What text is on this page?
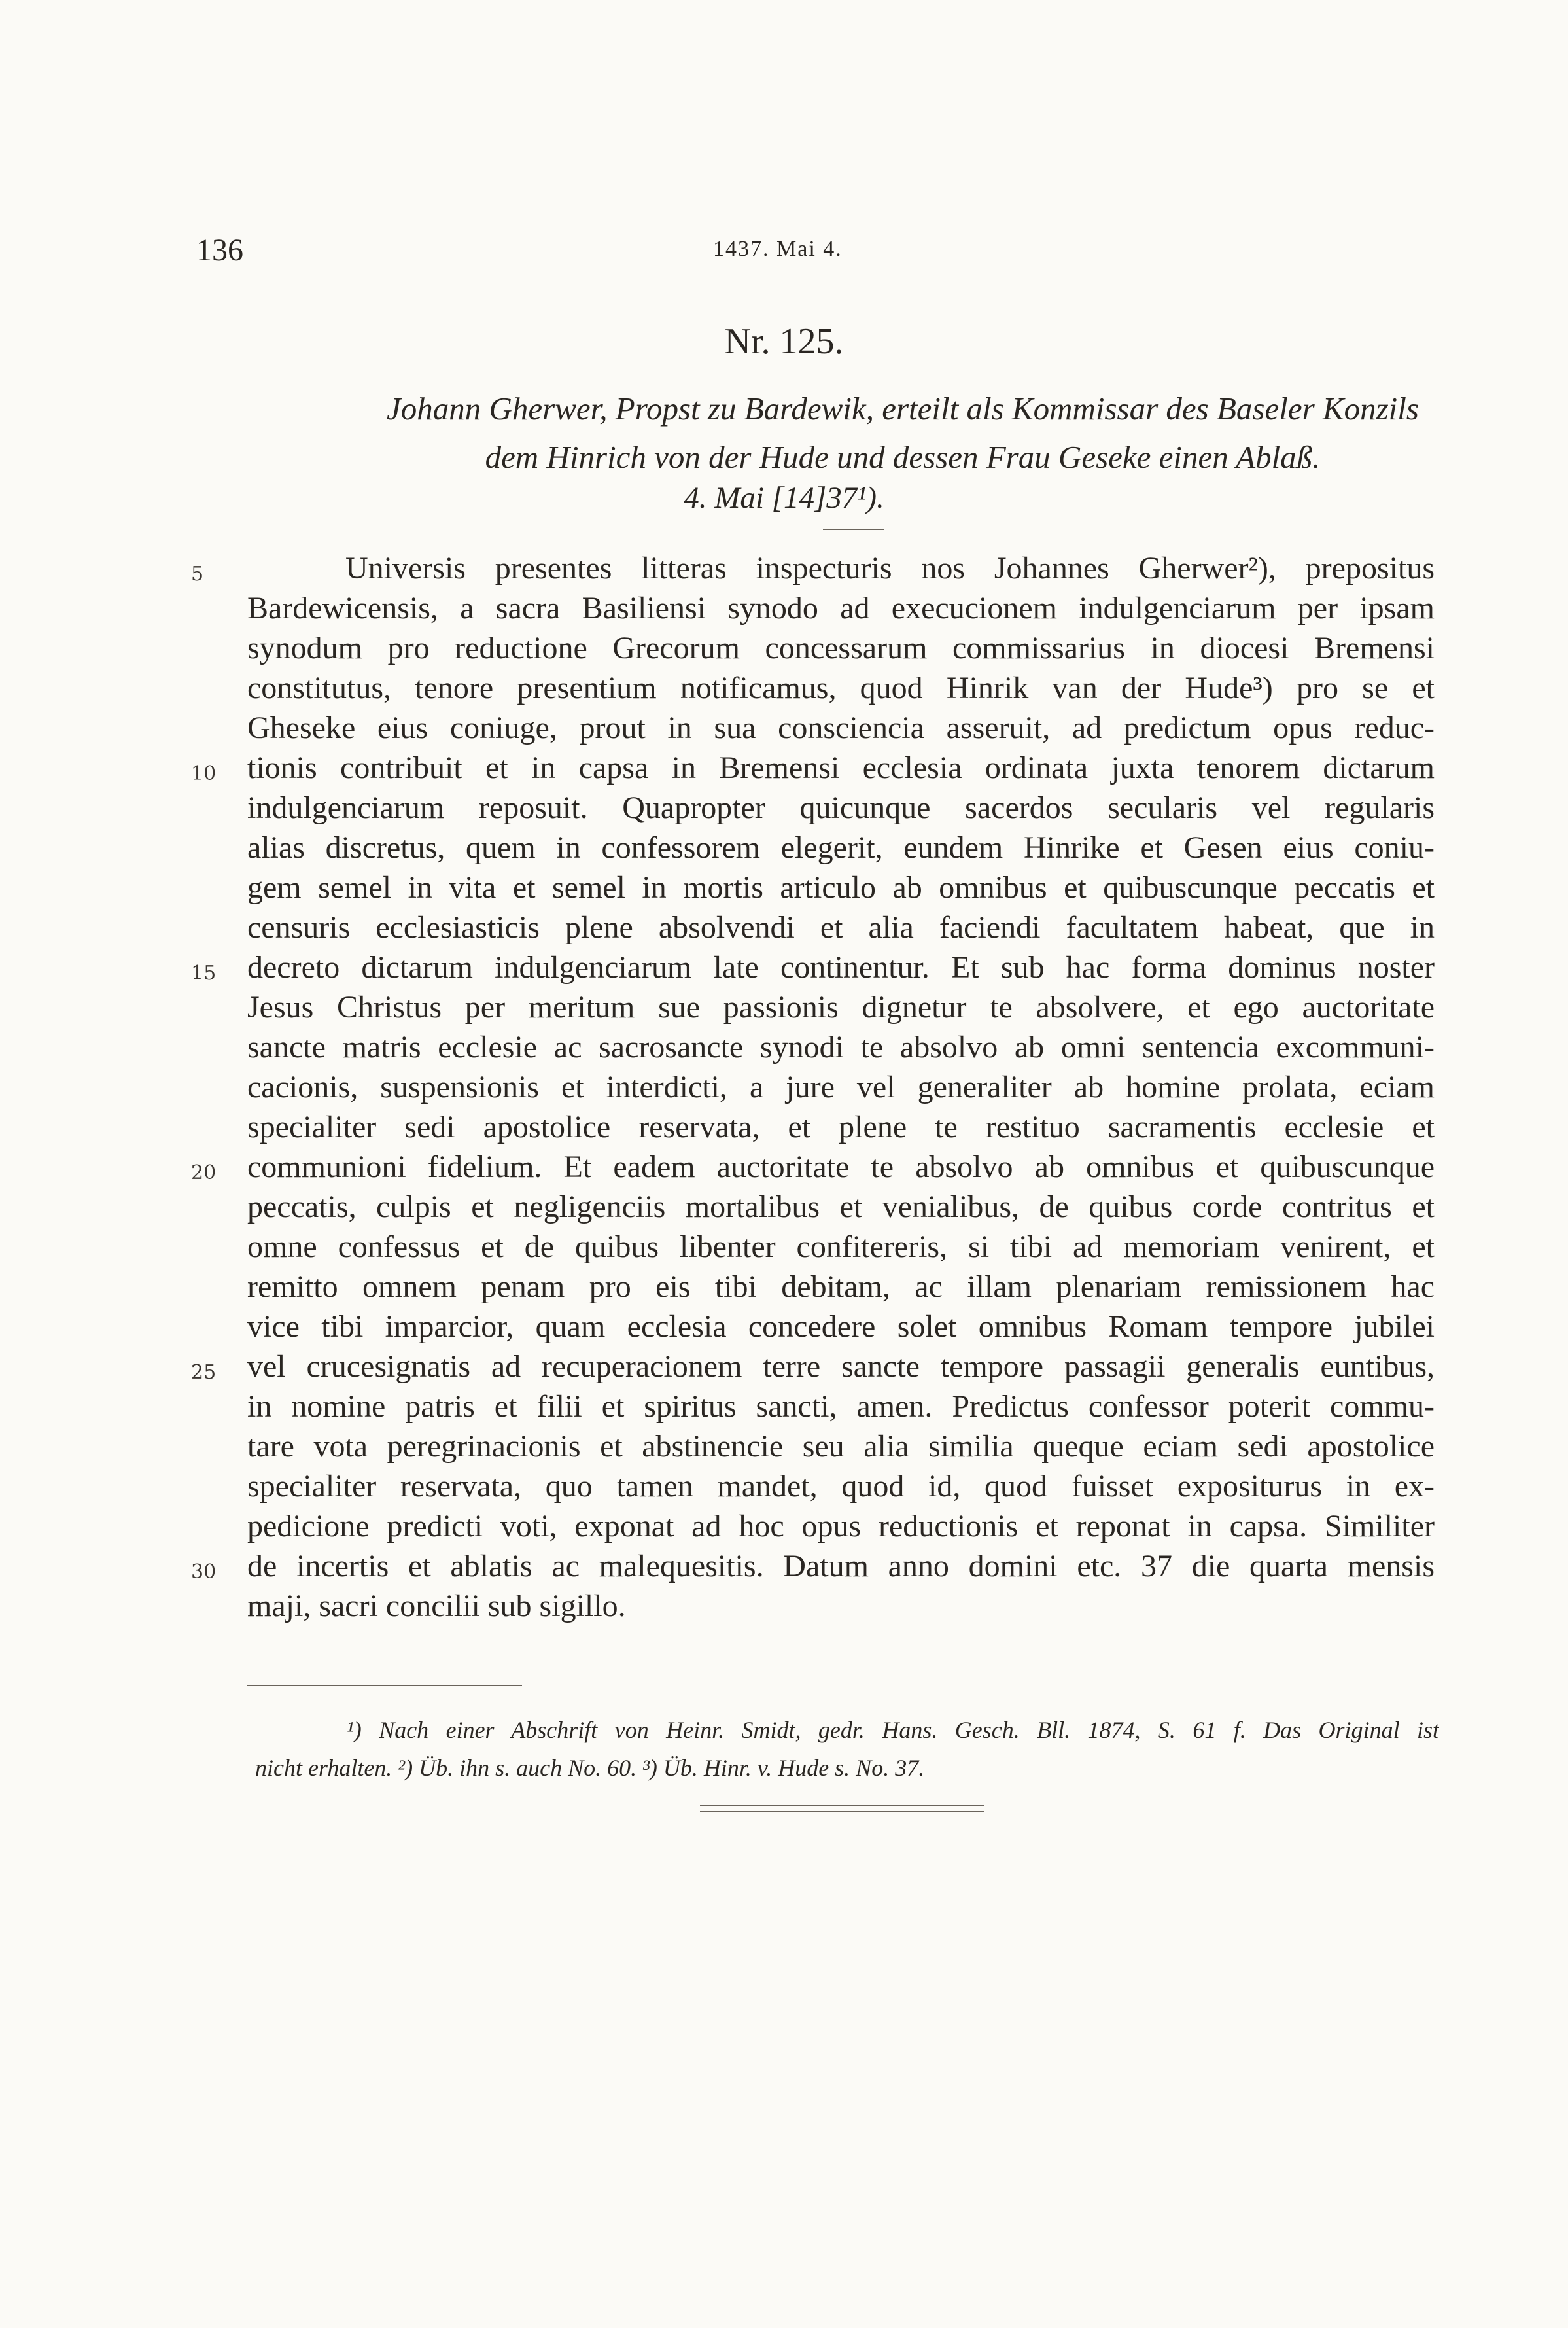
136	1437. Mai 4.
Nr. 125.
Johann Gherwer, Propst zu Bardewik, erteilt als Kommissar des Baseler Konzils
dem Hinrich von der Hude und dessen Frau Geseke einen Ablaß.
4. Mai [14]37¹).
5
10
15
20
25
30
Universis presentes litteras inspecturis nos Johannes Gherwer²), prepositus
Bardewicensis, a sacra Basiliensi synodo ad execucionem indulgenciarum per ipsam
synodum pro reductione Grecorum concessarum commissarius in diocesi Bremensi
constitutus, tenore presentium notificamus, quod Hinrik van der Hude³) pro se et
Gheseke eius coniuge, prout in sua consciencia asseruit, ad predictum opus reduc-
tionis contribuit et in capsa in Bremensi ecclesia ordinata juxta tenorem dictarum
indulgenciarum reposuit. Quapropter quicunque sacerdos secularis vel regularis
alias discretus, quem in confessorem elegerit, eundem Hinrike et Gesen eius coniu-
gem semel in vita et semel in mortis articulo ab omnibus et quibuscunque peccatis et
censuris ecclesiasticis plene absolvendi et alia faciendi facultatem habeat, que in
decreto dictarum indulgenciarum late continentur. Et sub hac forma dominus noster
Jesus Christus per meritum sue passionis dignetur te absolvere, et ego auctoritate
sancte matris ecclesie ac sacrosancte synodi te absolvo ab omni sentencia excommuni-
cacionis, suspensionis et interdicti, a jure vel generaliter ab homine prolata, eciam
specialiter sedi apostolice reservata, et plene te restituo sacramentis ecclesie et
communioni fidelium. Et eadem auctoritate te absolvo ab omnibus et quibuscunque
peccatis, culpis et negligenciis mortalibus et venialibus, de quibus corde contritus et
omne confessus et de quibus libenter confitereris, si tibi ad memoriam venirent, et
remitto omnem penam pro eis tibi debitam, ac illam plenariam remissionem hac
vice tibi imparcior, quam ecclesia concedere solet omnibus Romam tempore jubilei
vel crucesignatis ad recuperacionem terre sancte tempore passagii generalis euntibus,
in nomine patris et filii et spiritus sancti, amen. Predictus confessor poterit commu-
tare vota peregrinacionis et abstinencie seu alia similia queque eciam sedi apostolice
specialiter reservata, quo tamen mandet, quod id, quod fuisset expositurus in ex-
pedicione predicti voti, exponat ad hoc opus reductionis et reponat in capsa. Similiter
de incertis et ablatis ac malequesitis. Datum anno domini etc. 37 die quarta mensis
maji, sacri concilii sub sigillo.
¹) Nach einer Abschrift von Heinr. Smidt, gedr. Hans. Gesch. Bll. 1874, S. 61 f. Das Original ist
nicht erhalten. ²) Üb. ihn s. auch No. 60. ³) Üb. Hinr. v. Hude s. No. 37.
